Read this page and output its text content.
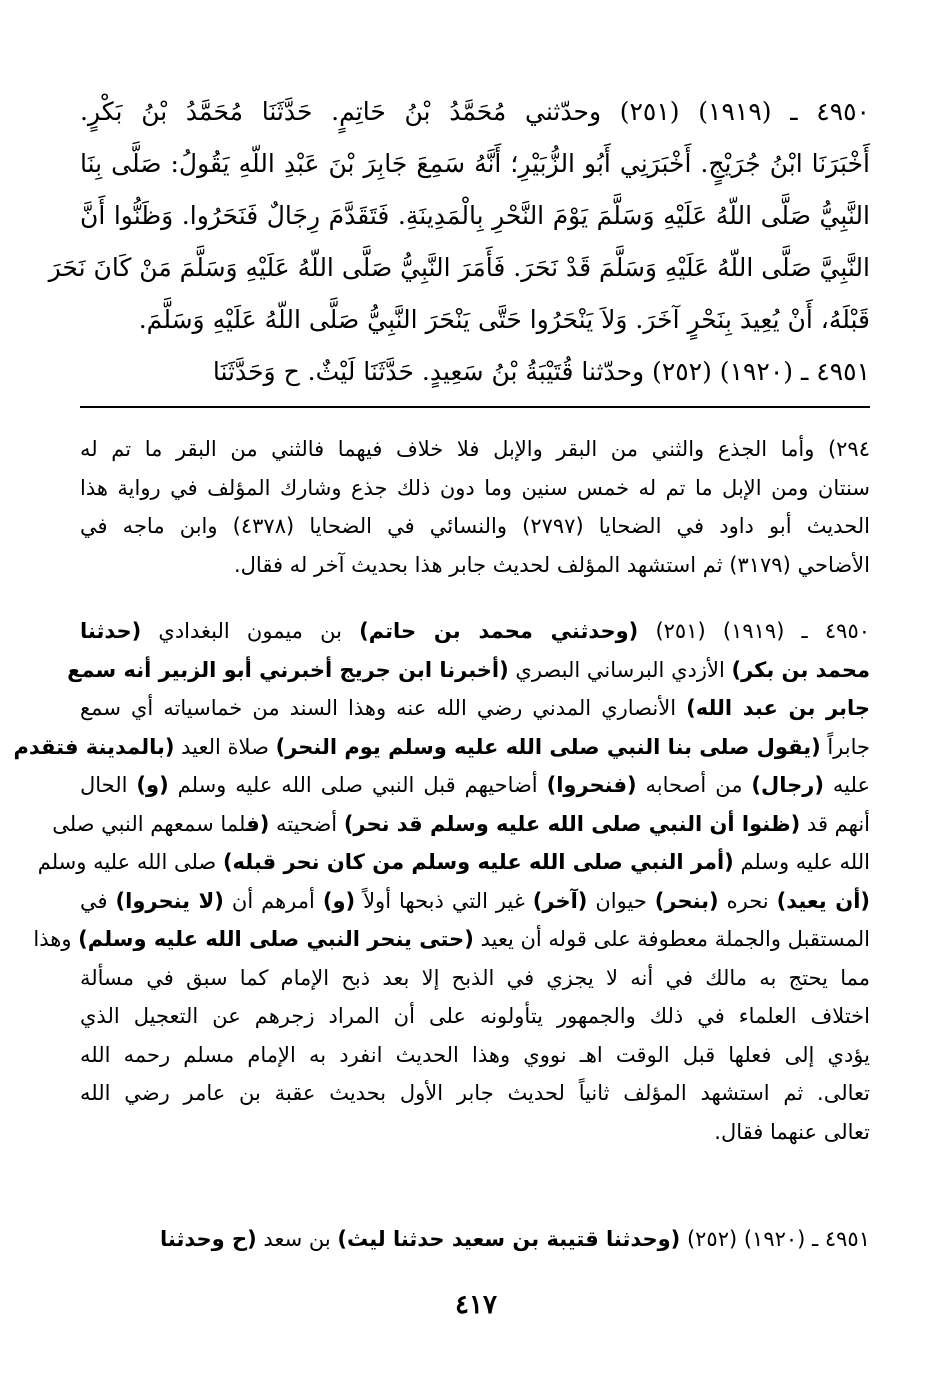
٤٩٥٠ ـ (١٩١٩) (٢٥١) وحدّثني مُحَمَّدُ بْنُ حَاتِمٍ. حَدَّثَنَا مُحَمَّدُ بْنُ بَكْرٍ.
أَخْبَرَنَا ابْنُ جُرَيْجٍ. أَخْبَرَنِي أَبُو الزُّبَيْرِ؛ أَنَّهُ سَمِعَ جَابِرَ بْنَ عَبْدِ اللّهِ يَقُولُ: صَلَّى بِنَا
النَّبِيُّ صَلَّى اللّهُ عَلَيْهِ وَسَلَّمَ يَوْمَ النَّحْرِ بِالْمَدِينَةِ. فَتَقَدَّمَ رِجَالٌ فَنَحَرُوا. وَظَنُّوا أَنَّ
النَّبِيَّ صَلَّى اللّهُ عَلَيْهِ وَسَلَّمَ قَدْ نَحَرَ. فَأَمَرَ النَّبِيُّ صَلَّى اللّهُ عَلَيْهِ وَسَلَّمَ مَنْ كَانَ نَحَرَ
قَبْلَهُ، أَنْ يُعِيدَ بِنَحْرٍ آخَرَ. وَلاَ يَنْحَرُوا حَتَّى يَنْحَرَ النَّبِيُّ صَلَّى اللّهُ عَلَيْهِ وَسَلَّمَ.
٤٩٥١ ـ (١٩٢٠) (٢٥٢) وحدّثنا قُتَيْبَةُ بْنُ سَعِيدٍ. حَدَّثَنَا لَيْثٌ. ح وَحَدَّثَنَا
٢٩٤) وأما الجذع والثني من البقر والإبل فلا خلاف فيهما فالثني من البقر ما تم له
سنتان ومن الإبل ما تم له خمس سنين وما دون ذلك جذع وشارك المؤلف في رواية هذا
الحديث أبو داود في الضحايا (٢٧٩٧) والنسائي في الضحايا (٤٣٧٨) وابن ماجه في
الأضاحي (٣١٧٩) ثم استشهد المؤلف لحديث جابر هذا بحديث آخر له فقال.
٤٩٥٠ ـ (١٩١٩) (٢٥١) (وحدثني محمد بن حاتم) بن ميمون البغدادي (حدثنا
محمد بن بكر) الأزدي البرساني البصري (أخبرنا ابن جريج أخبرني أبو الزبير أنه سمع
جابر بن عبد الله) الأنصاري المدني رضي الله عنه وهذا السند من خماسياته أي سمع
جابراً (يقول صلى بنا النبي صلى الله عليه وسلم يوم النحر) صلاة العيد (بالمدينة فتقدم
عليه (رجال) من أصحابه (فنحروا) أضاحيهم قبل النبي صلى الله عليه وسلم (و) الحال
أنهم قد (ظنوا أن النبي صلى الله عليه وسلم قد نحر) أضحيته (فلما سمعهم النبي صلى
الله عليه وسلم (أمر النبي صلى الله عليه وسلم من كان نحر قبله) صلى الله عليه وسلم
(أن يعيد) نحره (بنحر) حيوان (آخر) غير التي ذبحها أولاً (و) أمرهم أن (لا ينحروا) في
المستقبل والجملة معطوفة على قوله أن يعيد (حتى ينحر النبي صلى الله عليه وسلم) وهذا
مما يحتج به مالك في أنه لا يجزي في الذبح إلا بعد ذبح الإمام كما سبق في مسألة
اختلاف العلماء في ذلك والجمهور يتأولونه على أن المراد زجرهم عن التعجيل الذي
يؤدي إلى فعلها قبل الوقت اهـ نووي وهذا الحديث انفرد به الإمام مسلم رحمه الله
تعالى. ثم استشهد المؤلف ثانياً لحديث جابر الأول بحديث عقبة بن عامر رضي الله
تعالى عنهما فقال.
٤٩٥١ ـ (١٩٢٠) (٢٥٢) (وحدثنا قتيبة بن سعيد حدثنا ليث) بن سعد (ح وحدثنا
٤١٧
